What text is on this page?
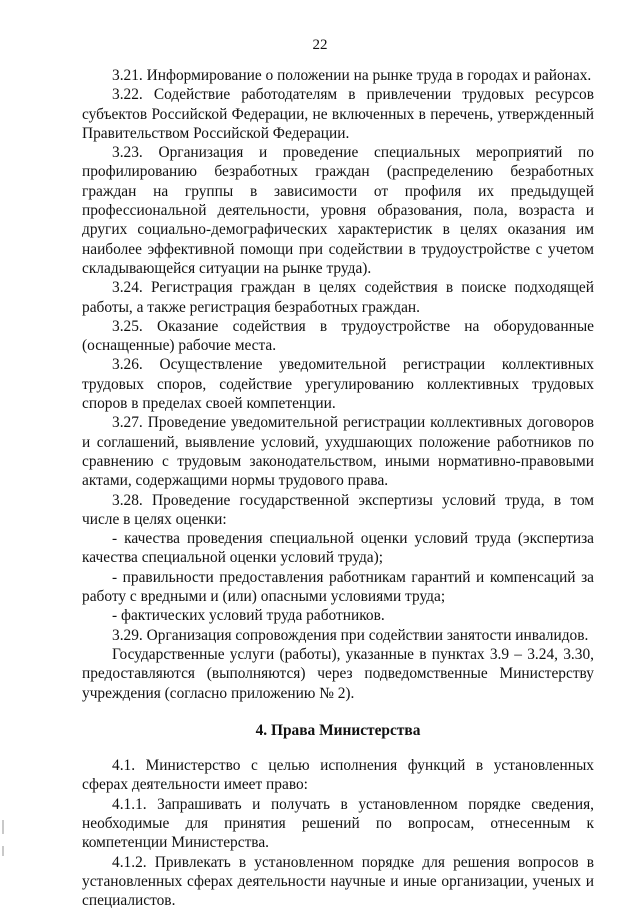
22

3.21. Информирование о положении на рынке труда в городах и районах.

3.22. Содействие работодателям в привлечении трудовых ресурсов субъектов Российской Федерации, не включенных в перечень, утвержденный Правительством Российской Федерации.

3.23. Организация и проведение специальных мероприятий по профилированию безработных граждан (распределению безработных граждан на группы в зависимости от профиля их предыдущей профессиональной деятельности, уровня образования, пола, возраста и других социально-демографических характеристик в целях оказания им наиболее эффективной помощи при содействии в трудоустройстве с учетом складывающейся ситуации на рынке труда).

3.24. Регистрация граждан в целях содействия в поиске подходящей работы, а также регистрация безработных граждан.

3.25. Оказание содействия в трудоустройстве на оборудованные (оснащенные) рабочие места.

3.26. Осуществление уведомительной регистрации коллективных трудовых споров, содействие урегулированию коллективных трудовых споров в пределах своей компетенции.

3.27. Проведение уведомительной регистрации коллективных договоров и соглашений, выявление условий, ухудшающих положение работников по сравнению с трудовым законодательством, иными нормативно-правовыми актами, содержащими нормы трудового права.

3.28. Проведение государственной экспертизы условий труда, в том числе в целях оценки:

- качества проведения специальной оценки условий труда (экспертиза качества специальной оценки условий труда);

- правильности предоставления работникам гарантий и компенсаций за работу с вредными и (или) опасными условиями труда;

- фактических условий труда работников.

3.29. Организация сопровождения при содействии занятости инвалидов.

Государственные услуги (работы), указанные в пунктах 3.9 – 3.24, 3.30, предоставляются (выполняются) через подведомственные Министерству учреждения (согласно приложению № 2).

4. Права Министерства

4.1. Министерство с целью исполнения функций в установленных сферах деятельности имеет право:

4.1.1. Запрашивать и получать в установленном порядке сведения, необходимые для принятия решений по вопросам, отнесенным к компетенции Министерства.

4.1.2. Привлекать в установленном порядке для решения вопросов в установленных сферах деятельности научные и иные организации, ученых и специалистов.
